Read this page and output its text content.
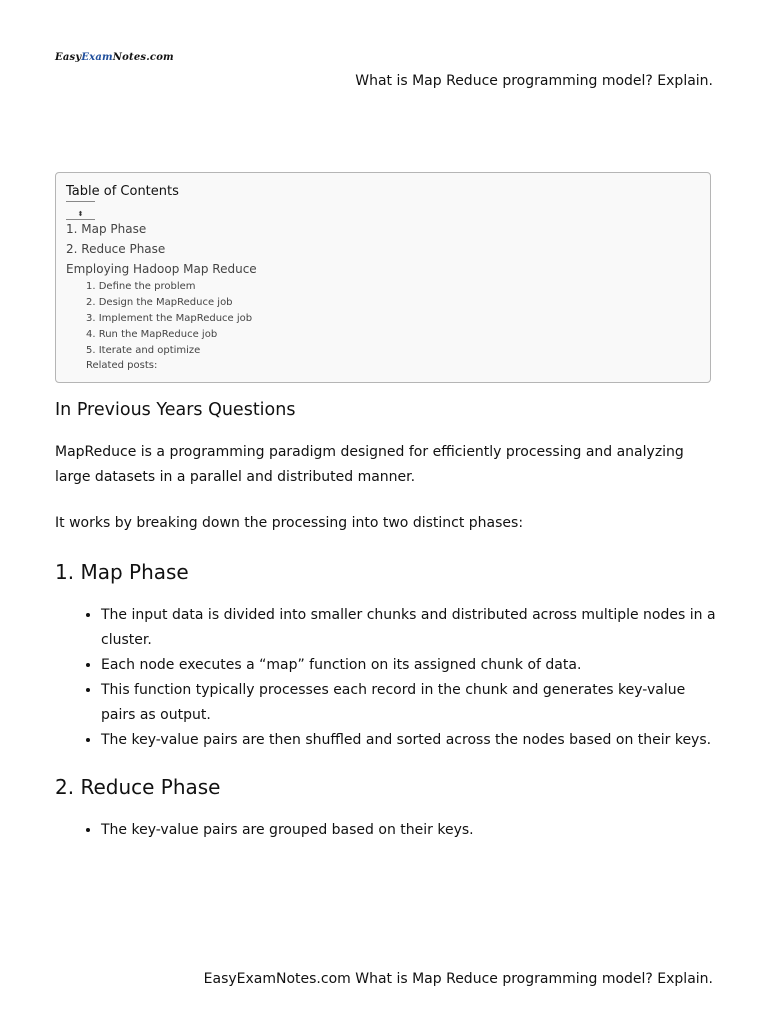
EasyExamNotes.com
What is Map Reduce programming model? Explain.
Table of Contents
⬍
1. Map Phase
2. Reduce Phase
Employing Hadoop Map Reduce
1. Define the problem
2. Design the MapReduce job
3. Implement the MapReduce job
4. Run the MapReduce job
5. Iterate and optimize
Related posts:
In Previous Years Questions
MapReduce is a programming paradigm designed for efficiently processing and analyzing large datasets in a parallel and distributed manner.
It works by breaking down the processing into two distinct phases:
1. Map Phase
• The input data is divided into smaller chunks and distributed across multiple nodes in a cluster.
• Each node executes a “map” function on its assigned chunk of data.
• This function typically processes each record in the chunk and generates key-value pairs as output.
• The key-value pairs are then shuffled and sorted across the nodes based on their keys.
2. Reduce Phase
• The key-value pairs are grouped based on their keys.
EasyExamNotes.com What is Map Reduce programming model? Explain.
